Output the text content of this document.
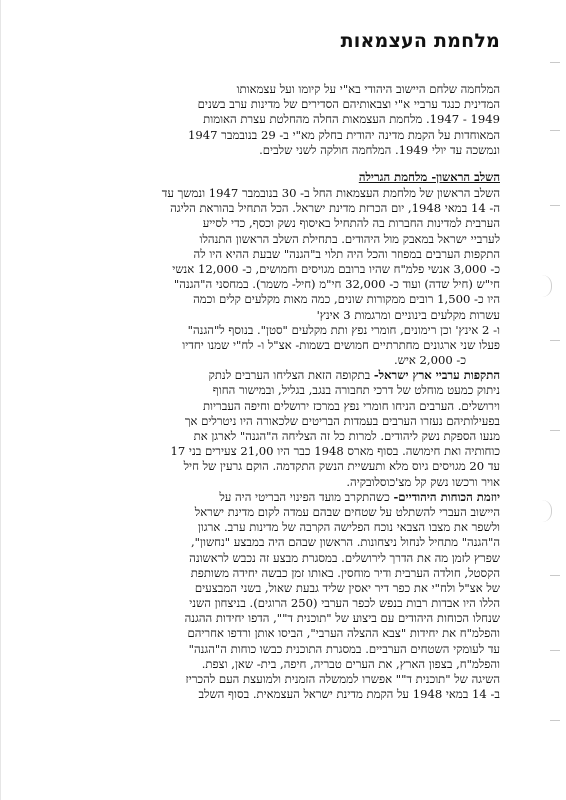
מלחמת העצמאות
המלחמה שלחם היישוב היהודי בא"י על קיומו ועל עצמאותו
המדינית כנגד ערביי א"י וצבאותיהם הסדירים של מדינות ערב בשנים
1949 - 1947. מלחמת העצמאות החלה מהחלטת עצרת האומות
המאוחדות על הקמת מדינה יהודית בחלק מא"י ב- 29 בנובמבר 1947
ונמשכה עד יולי 1949. המלחמה חולקה לשני שלבים.
השלב הראשון- מלחמת הגרילה
השלב הראשון של מלחמת העצמאות החל ב- 30 בנובמבר 1947 ונמשך עד
ה- 14 במאי 1948, יום הכרזת מדינת ישראל. הכל התחיל בהוראת הליגה
הערבית למדינות החברות בה להתחיל באיסוף נשק וכסף, כדי לסייע
לערביי ישראל במאבק מול היהודים. בתחילת השלב הראשון התנהלו
התקפות הערבים במפוזר והכל היה תלוי ב"הגנה" שבעת ההיא היו לה
כ- 3,000 אנשי פלמ"ח שהיו ברובם מגויסים וחמושים, כ- 12,000 אנשי
חי"ש (חיל שדה) ועוד כ- 32,000 חי"מ (חיל- משמר). במחסני ה"הגנה"
היו כ- 1,500 רובים ממקורות שונים, כמה מאות מקלעים קלים וכמה
עשרות מקלעים בינוניים ומרגמות 3 אינץ'
ו- 2 אינץ' וכן רימונים, חומרי נפץ ותת מקלעים "סטן". בנוסף ל"הגנה"
פעלו שני ארגונים מחתרתיים חמושים בשמות- אצ"ל ו- לח"י שמנו יחדיו
כ- 2,000 איש.
התקפות ערביי ארץ ישראל- בתקופה הזאת הצליחו הערבים לנתק
ניתוק כמעט מוחלט של דרכי תחבורה בנגב, בגליל, ובמישור החוף
וירושלים. הערבים הניחו חומרי נפץ במרכז ירושלים וחיפה העבריות
בפעילותיהם נעזרו הערבים בעמדות הבריטים שלכאורה היו ניטרלים אך
מנעו הספקת נשק ליהודים. למרות כל זה הצליחה ה"הגנה" לארגן את
כוחותיה ואת חימושה. בסוף מארס 1948 כבר היו 21,00 צעירים בני 17
עד 20 מגויסים גיוס מלא ותעשיית הנשק התקדמה. הוקם גרעין של חיל
אויר ורכשו נשק קל מצ'כוסלובקיה.
יוזמת הכוחות היהודיים- כשהתקרב מועד הפינוי הבריטי היה על
היישוב העברי להשתלט על שטחים שבהם עמדה לקום מדינת ישראל
ולשפר את מצבו הצבאי נוכח הפלישה הקרבה של מדינות ערב. ארגון
ה"הגנה" מתחיל לנחול ניצחונות. הראשון שבהם היה במבצע "נחשון",
שפרץ לזמן מה את הדרך לירושלים. במסגרת מבצע זה נכבש לראשונה
הקסטל, חולדה הערבית ודיר מוחסין. באותו זמן כבשה יחידה משותפת
של אצ"ל ולח"י את כפר דיר יאסין שליד גבעת שאול, בשני המבצעים
הללו היו אבדות רבות בנפש לכפר הערבי (250 הרוגים). בניצחון השני
שנחלו הכוחות היהודים עם ביצוע של "תוכנית ד"", הדפו יחידות ההגנה
והפלמ"ח את יחידות "צבא ההצלה הערבי", הביסו אותן ורדפו אחריהם
עד לעומקי השטחים הערביים. במסגרת התוכנית כבשו כוחות ה"הגנה"
והפלמ"ח, בצפון הארץ, את הערים טבריה, חיפה, בית- שאן, וצפת.
השיגה של "תוכנית ד"" אפשרו לממשלה הזמנית ולמועצת העם להכריז
ב- 14 במאי 1948 על הקמת מדינת ישראל העצמאית. בסוף השלב
